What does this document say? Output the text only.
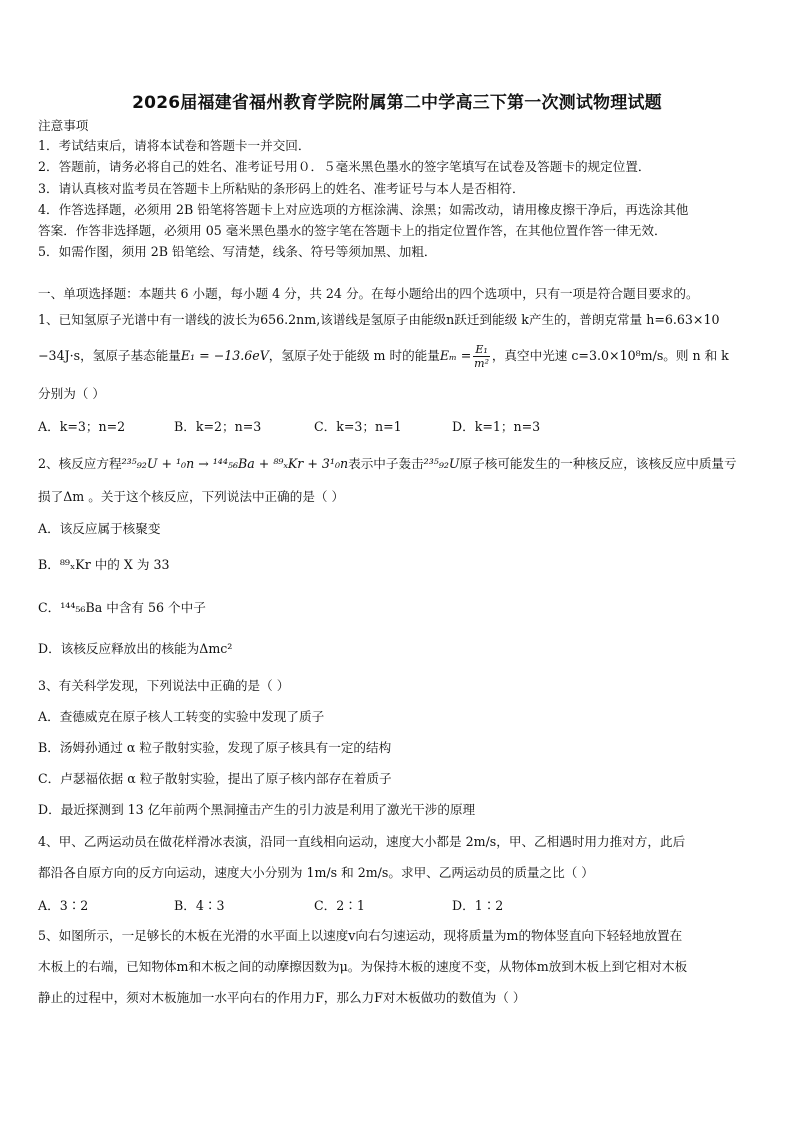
2026届福建省福州教育学院附属第二中学高三下第一次测试物理试题
注意事项
1．考试结束后，请将本试卷和答题卡一并交回．
2．答题前，请务必将自己的姓名、准考证号用０．５毫米黑色墨水的签字笔填写在试卷及答题卡的规定位置．
3．请认真核对监考员在答题卡上所粘贴的条形码上的姓名、准考证号与本人是否相符．
4．作答选择题，必须用 2B 铅笔将答题卡上对应选项的方框涂满、涂黑；如需改动，请用橡皮擦干净后，再选涂其他
答案．作答非选择题，必须用 05 毫米黑色墨水的签字笔在答题卡上的指定位置作答，在其他位置作答一律无效．
5．如需作图，须用 2B 铅笔绘、写清楚，线条、符号等须加黑、加粗．
一、单项选择题：本题共 6 小题，每小题 4 分，共 24 分。在每小题给出的四个选项中，只有一项是符合题目要求的。
1、已知氢原子光谱中有一谱线的波长为656.2nm,该谱线是氢原子由能级n跃迁到能级 k产生的，普朗克常量 h=6.63×10
−34J·s，氢原子基态能量E₁ = −13.6eV，氢原子处于能级 m 时的能量$E_m = \frac{\text{E₁}}{\text{m²}}$ ，真空中光速 c=3.0×10⁸m/s。则 n 和 k
分别为（ ）
A．k=3；n=2	B．k=2；n=3	C．k=3；n=1	D．k=1；n=3
2、核反应方程²³⁵₉₂U + ¹₀n → ¹⁴⁴₅₆Ba + ⁸⁹ₓKr + 3¹₀n表示中子轰击²³⁵₉₂U原子核可能发生的一种核反应，该核反应中质量亏
损了Δm 。关于这个核反应，下列说法中正确的是（ ）
A．该反应属于核聚变
B．⁸⁹ₓKr 中的 X 为 33
C．¹⁴⁴₅₆Ba 中含有 56 个中子
D．该核反应释放出的核能为Δmc²
3、有关科学发现，下列说法中正确的是（ ）
A．查德威克在原子核人工转变的实验中发现了质子
B．汤姆孙通过 α 粒子散射实验，发现了原子核具有一定的结构
C．卢瑟福依据 α 粒子散射实验，提出了原子核内部存在着质子
D．最近探测到 13 亿年前两个黑洞撞击产生的引力波是利用了激光干涉的原理
4、甲、乙两运动员在做花样滑冰表演，沿同一直线相向运动，速度大小都是 2m/s，甲、乙相遇时用力推对方，此后
都沿各自原方向的反方向运动，速度大小分别为 1m/s 和 2m/s。求甲、乙两运动员的质量之比（ ）
A．3∶2	B．4∶3	C．2∶1	D．1∶2
5、如图所示，一足够长的木板在光滑的水平面上以速度v向右匀速运动，现将质量为m的物体竖直向下轻轻地放置在
木板上的右端，已知物体m和木板之间的动摩擦因数为μ。为保持木板的速度不变，从物体m放到木板上到它相对木板
静止的过程中，须对木板施加一水平向右的作用力F，那么力F对木板做功的数值为（ ）
